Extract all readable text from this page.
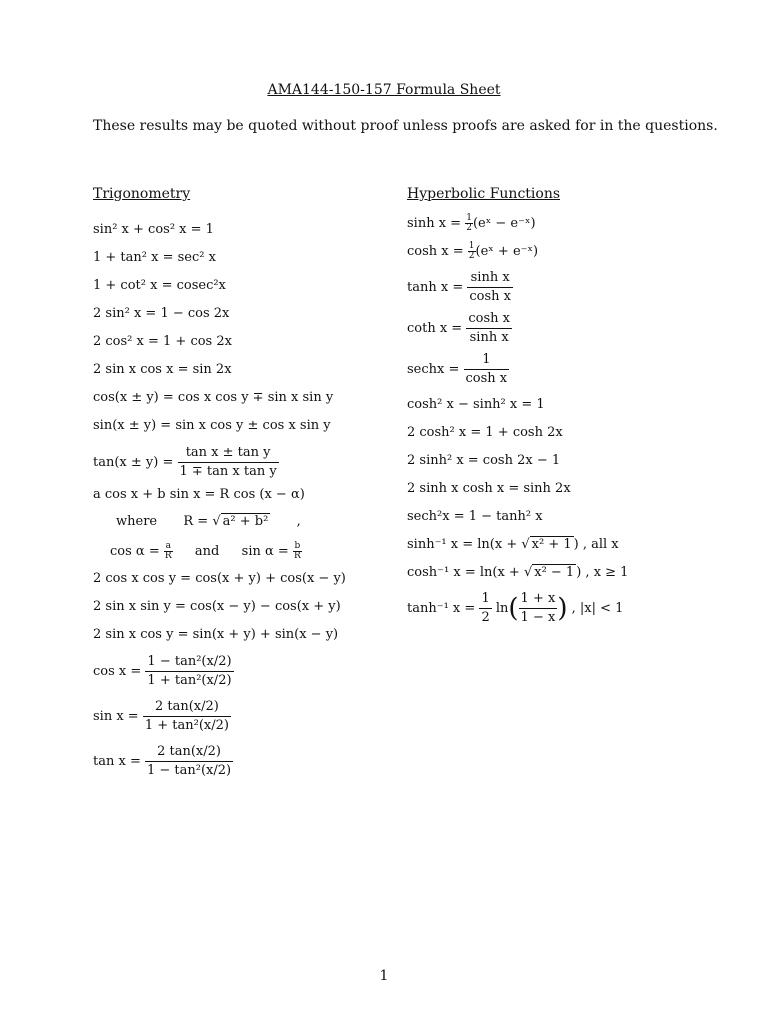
AMA144-150-157 Formula Sheet
These results may be quoted without proof unless proofs are asked for in the questions.
Trigonometry
sin² x + cos² x = 1
1 + tan² x = sec² x
1 + cot² x = cosec²x
2 sin² x = 1 − cos 2x
2 cos² x = 1 + cos 2x
2 sin x cos x = sin 2x
cos(x ± y) = cos x cos y ∓ sin x sin y
sin(x ± y) = sin x cos y ± cos x sin y
$\tan(x \pm y) = \frac{\text{tan x ± tan y}}{\text{1 ∓ tan x tan y}}$
a cos x + b sin x = R cos (x − α)
where R = √ a² + b² ,
$\cos \alpha = \frac{a}{R}$ and $\sin \alpha = \frac{b}{R}$
2 cos x cos y = cos(x + y) + cos(x − y)
2 sin x sin y = cos(x − y) − cos(x + y)
2 sin x cos y = sin(x + y) + sin(x − y)
$\cos x = \frac{\text{1 − tan²(x/2)}}{\text{1 + tan²(x/2)}}$
$\sin x = \frac{2 \tan(x/2)}{\text{1 + tan²(x/2)}}$
$\tan x = \frac{2 \tan(x/2)}{\text{1 − tan²(x/2)}}$
Hyperbolic Functions
$\sinh x = \frac{1}{2}$ (eˣ − e⁻ˣ)
$\cosh x = \frac{1}{2}$ (eˣ + e⁻ˣ)
$\tanh x = \frac{\text{sinh x}}{\text{cosh x}}$
coth $x = \frac{\text{cosh x}}{\text{sinh x}}$
sechx = $\frac{1}{\text{cosh x}}$
cosh² x − sinh² x = 1
2 cosh² x = 1 + cosh 2x
2 sinh² x = cosh 2x − 1
2 sinh x cosh x = sinh 2x
sech²x = 1 − tanh² x
sinh⁻¹ x = ln(x + √ x² + 1 ) , all x
cosh⁻¹ x = ln(x + √ x² − 1 ) , x ≥ 1
tanh⁻¹ $x = \frac{1}{2} \ln( \frac{1 + x}{1 - x}$ ) , |x| < 1
1
